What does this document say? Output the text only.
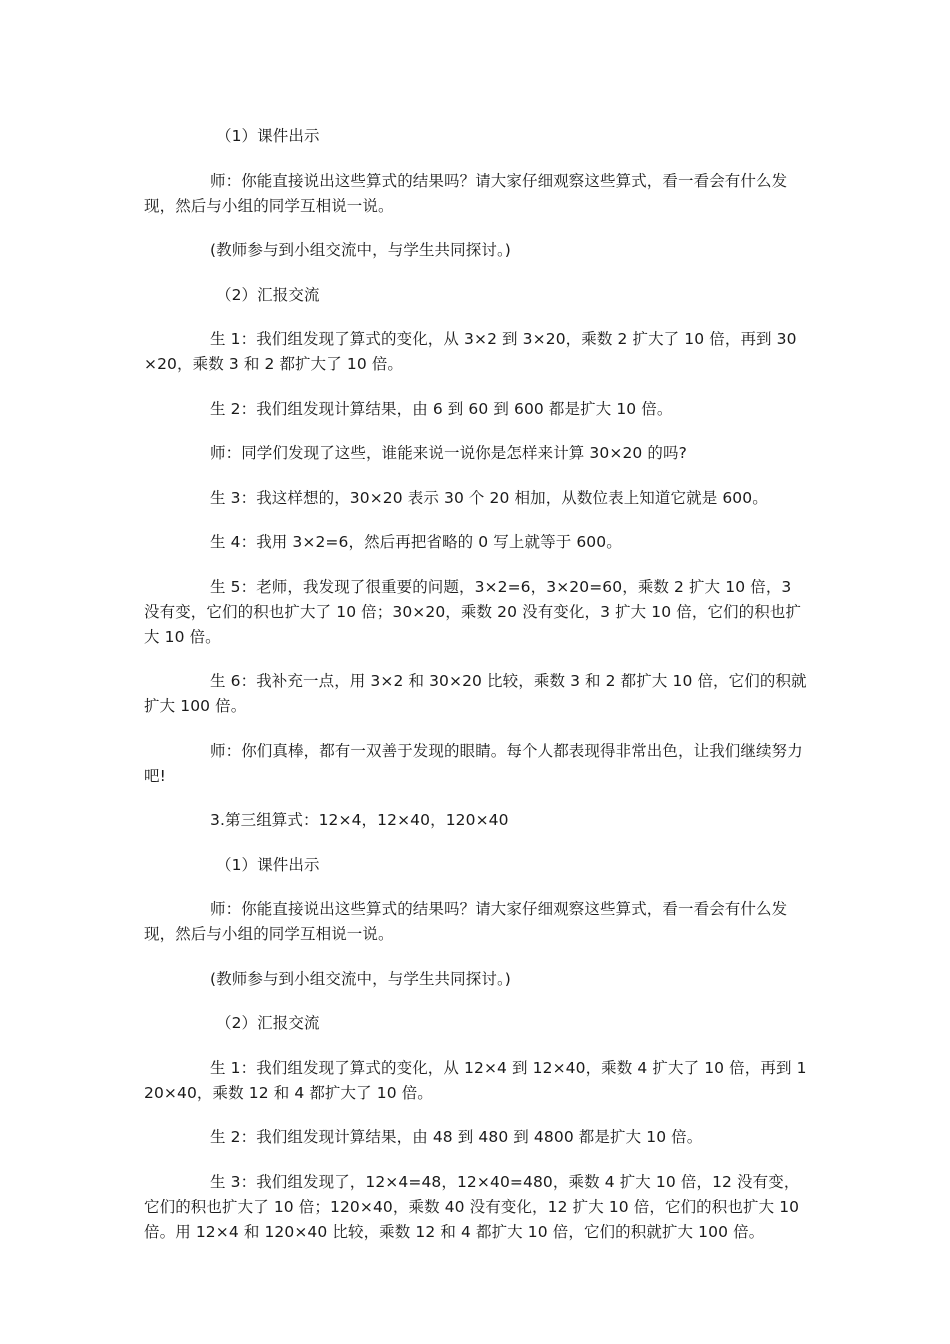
（1）课件出示

师：你能直接说出这些算式的结果吗？请大家仔细观察这些算式，看一看会有什么发现，然后与小组的同学互相说一说。

(教师参与到小组交流中，与学生共同探讨。)

（2）汇报交流

生 1：我们组发现了算式的变化，从 3×2 到 3×20，乘数 2 扩大了 10 倍，再到 30×20，乘数 3 和 2 都扩大了 10 倍。

生 2：我们组发现计算结果，由 6 到 60 到 600 都是扩大 10 倍。

师：同学们发现了这些，谁能来说一说你是怎样来计算 30×20 的吗?

生 3：我这样想的，30×20 表示 30 个 20 相加，从数位表上知道它就是 600。

生 4：我用 3×2=6，然后再把省略的 0 写上就等于 600。

生 5：老师，我发现了很重要的问题，3×2=6，3×20=60，乘数 2 扩大 10 倍，3 没有变，它们的积也扩大了 10 倍；30×20，乘数 20 没有变化，3 扩大 10 倍，它们的积也扩大 10 倍。

生 6：我补充一点，用 3×2 和 30×20 比较，乘数 3 和 2 都扩大 10 倍，它们的积就扩大 100 倍。

师：你们真棒，都有一双善于发现的眼睛。每个人都表现得非常出色，让我们继续努力吧!

3.第三组算式：12×4，12×40，120×40

（1）课件出示

师：你能直接说出这些算式的结果吗？请大家仔细观察这些算式，看一看会有什么发现，然后与小组的同学互相说一说。

(教师参与到小组交流中，与学生共同探讨。)

（2）汇报交流

生 1：我们组发现了算式的变化，从 12×4 到 12×40，乘数 4 扩大了 10 倍，再到 120×40，乘数 12 和 4 都扩大了 10 倍。

生 2：我们组发现计算结果，由 48 到 480 到 4800 都是扩大 10 倍。

生 3：我们组发现了，12×4=48，12×40=480，乘数 4 扩大 10 倍，12 没有变，它们的积也扩大了 10 倍；120×40，乘数 40 没有变化，12 扩大 10 倍，它们的积也扩大 10 倍。用 12×4 和 120×40 比较，乘数 12 和 4 都扩大 10 倍，它们的积就扩大 100 倍。
